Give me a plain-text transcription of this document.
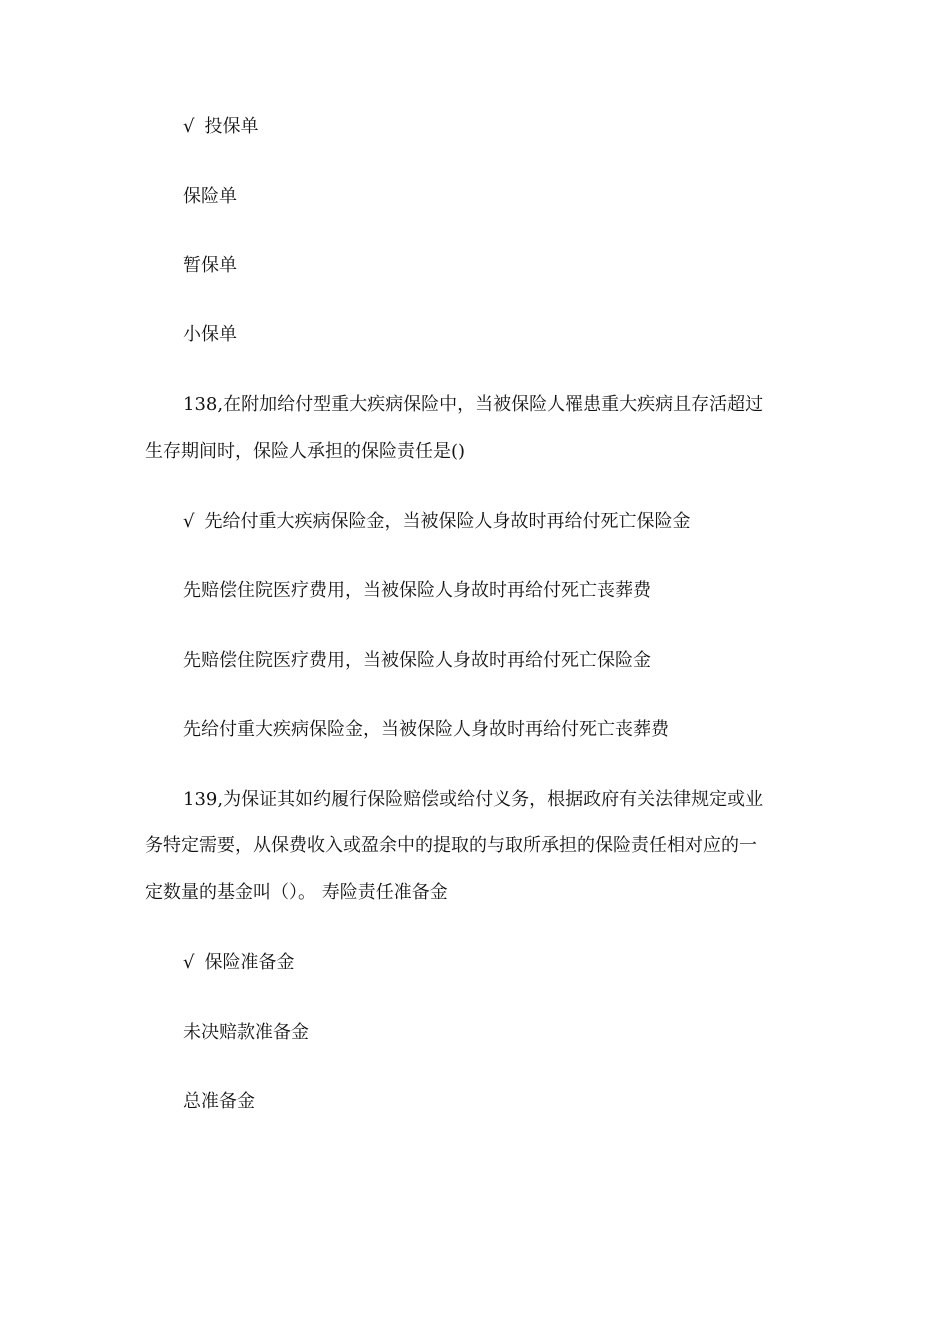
√ 投保单
保险单
暂保单
小保单
138,在附加给付型重大疾病保险中，当被保险人罹患重大疾病且存活超过
生存期间时，保险人承担的保险责任是()
√ 先给付重大疾病保险金，当被保险人身故时再给付死亡保险金
先赔偿住院医疗费用，当被保险人身故时再给付死亡丧葬费
先赔偿住院医疗费用，当被保险人身故时再给付死亡保险金
先给付重大疾病保险金，当被保险人身故时再给付死亡丧葬费
139,为保证其如约履行保险赔偿或给付义务，根据政府有关法律规定或业
务特定需要，从保费收入或盈余中的提取的与取所承担的保险责任相对应的一
定数量的基金叫（）。 寿险责任准备金
√ 保险准备金
未决赔款准备金
总准备金
